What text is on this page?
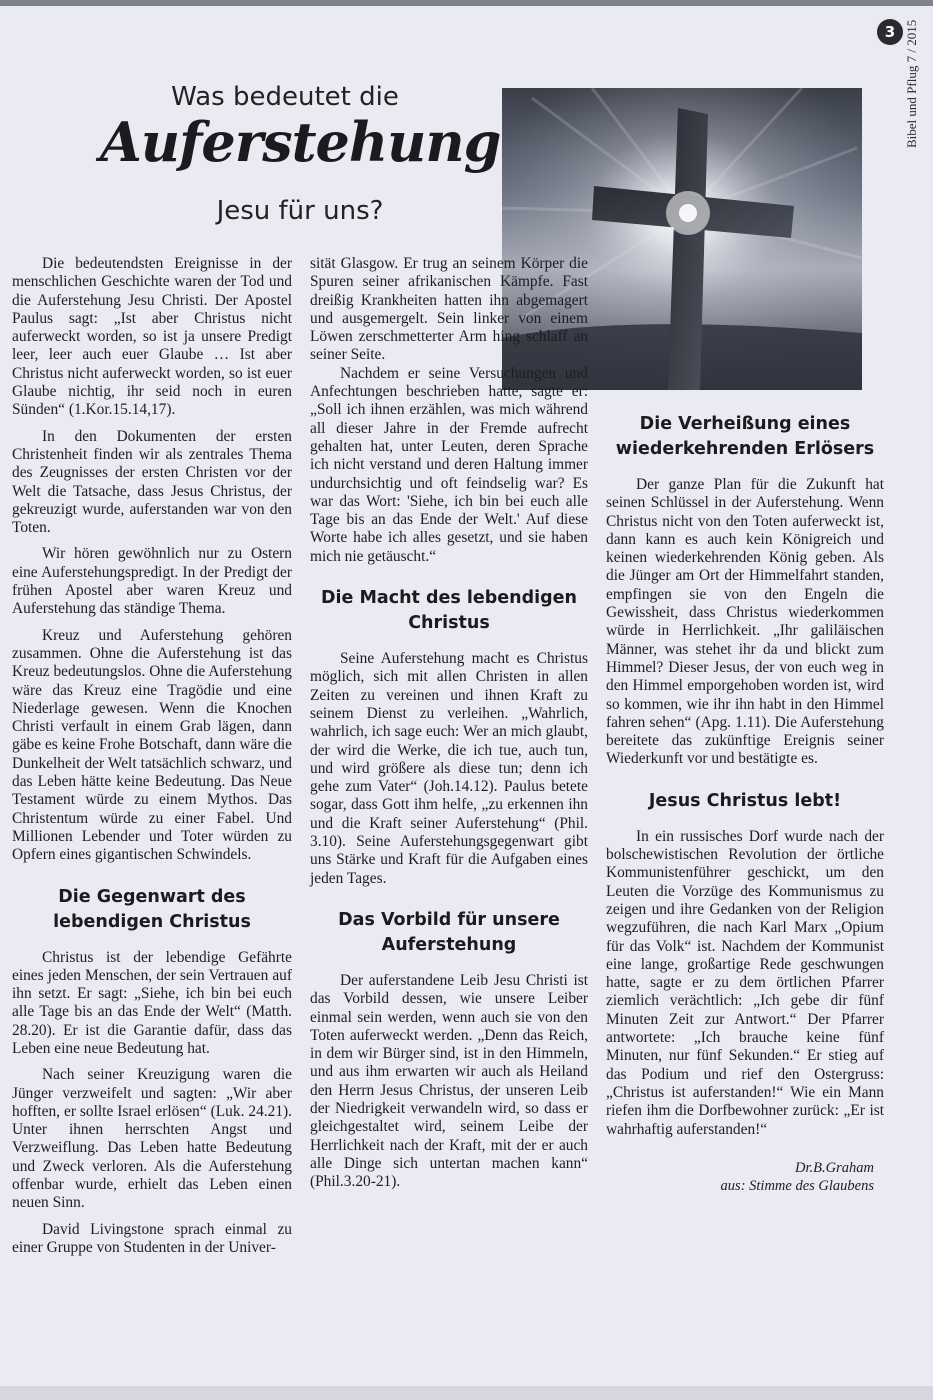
3 Bibel und Pflug 7 / 2015
Was bedeutet die
Auferstehung
Jesu für uns?

Die bedeutendsten Ereignisse in der menschlichen Geschichte waren der Tod und die Auferstehung Jesu Christi. Der Apostel Paulus sagt: „Ist aber Christus nicht auferweckt worden, so ist ja unsere Predigt leer, leer auch euer Glaube … Ist aber Christus nicht auferweckt worden, so ist euer Glaube nichtig, ihr seid noch in euren Sünden“ (1.Kor.15.14,17).

In den Dokumenten der ersten Christenheit finden wir als zentrales Thema des Zeugnisses der ersten Christen vor der Welt die Tatsache, dass Jesus Christus, der gekreuzigt wurde, auferstanden war von den Toten.

Wir hören gewöhnlich nur zu Ostern eine Auferstehungspredigt. In der Predigt der frühen Apostel aber waren Kreuz und Auferstehung das ständige Thema.

Kreuz und Auferstehung gehören zusammen. Ohne die Auferstehung ist das Kreuz bedeutungslos. Ohne die Auferstehung wäre das Kreuz eine Tragödie und eine Niederlage gewesen. Wenn die Knochen Christi verfault in einem Grab lägen, dann gäbe es keine Frohe Botschaft, dann wäre die Dunkelheit der Welt tatsächlich schwarz, und das Leben hätte keine Bedeutung. Das Neue Testament würde zu einem Mythos. Das Christentum würde zu einer Fabel. Und Millionen Lebender und Toter würden zu Opfern eines gigantischen Schwindels.

Die Gegenwart des lebendigen Christus

Christus ist der lebendige Gefährte eines jeden Menschen, der sein Vertrauen auf ihn setzt. Er sagt: „Siehe, ich bin bei euch alle Tage bis an das Ende der Welt“ (Matth. 28.20). Er ist die Garantie dafür, dass das Leben eine neue Bedeutung hat.

Nach seiner Kreuzigung waren die Jünger verzweifelt und sagten: „Wir aber hofften, er sollte Israel erlösen“ (Luk. 24.21). Unter ihnen herrschten Angst und Verzweiflung. Das Leben hatte Bedeutung und Zweck verloren. Als die Auferstehung offenbar wurde, erhielt das Leben einen neuen Sinn.

David Livingstone sprach einmal zu einer Gruppe von Studenten in der Univer-

sität Glasgow. Er trug an seinem Körper die Spuren seiner afrikanischen Kämpfe. Fast dreißig Krankheiten hatten ihn abgemagert und ausgemergelt. Sein linker von einem Löwen zerschmetterter Arm hing schlaff an seiner Seite.

Nachdem er seine Versuchungen und Anfechtungen beschrieben hatte, sagte er: „Soll ich ihnen erzählen, was mich während all dieser Jahre in der Fremde aufrecht gehalten hat, unter Leuten, deren Sprache ich nicht verstand und deren Haltung immer undurchsichtig und oft feindselig war? Es war das Wort: 'Siehe, ich bin bei euch alle Tage bis an das Ende der Welt.' Auf diese Worte habe ich alles gesetzt, und sie haben mich nie getäuscht.“

Die Macht des lebendigen Christus

Seine Auferstehung macht es Christus möglich, sich mit allen Christen in allen Zeiten zu vereinen und ihnen Kraft zu seinem Dienst zu verleihen. „Wahrlich, wahrlich, ich sage euch: Wer an mich glaubt, der wird die Werke, die ich tue, auch tun, und wird größere als diese tun; denn ich gehe zum Vater“ (Joh.14.12). Paulus betete sogar, dass Gott ihm helfe, „zu erkennen ihn und die Kraft seiner Auferstehung“ (Phil. 3.10). Seine Auferstehungsgegenwart gibt uns Stärke und Kraft für die Aufgaben eines jeden Tages.

Das Vorbild für unsere Auferstehung

Der auferstandene Leib Jesu Christi ist das Vorbild dessen, wie unsere Leiber einmal sein werden, wenn auch sie von den Toten auferweckt werden. „Denn das Reich, in dem wir Bürger sind, ist in den Himmeln, und aus ihm erwarten wir auch als Heiland den Herrn Jesus Christus, der unseren Leib der Niedrigkeit verwandeln wird, so dass er gleichgestaltet wird, seinem Leibe der Herrlichkeit nach der Kraft, mit der er auch alle Dinge sich untertan machen kann“ (Phil.3.20-21).

Die Verheißung eines wiederkehrenden Erlösers

Der ganze Plan für die Zukunft hat seinen Schlüssel in der Auferstehung. Wenn Christus nicht von den Toten auferweckt ist, dann kann es auch kein Königreich und keinen wiederkehrenden König geben. Als die Jünger am Ort der Himmelfahrt standen, empfingen sie von den Engeln die Gewissheit, dass Christus wiederkommen würde in Herrlichkeit. „Ihr galiläischen Männer, was stehet ihr da und blickt zum Himmel? Dieser Jesus, der von euch weg in den Himmel emporgehoben worden ist, wird so kommen, wie ihr ihn habt in den Himmel fahren sehen“ (Apg. 1.11). Die Auferstehung bereitete das zukünftige Ereignis seiner Wiederkunft vor und bestätigte es.

Jesus Christus lebt!

In ein russisches Dorf wurde nach der bolschewistischen Revolution der örtliche Kommunistenführer geschickt, um den Leuten die Vorzüge des Kommunismus zu zeigen und ihre Gedanken von der Religion wegzuführen, die nach Karl Marx „Opium für das Volk“ ist. Nachdem der Kommunist eine lange, großartige Rede geschwungen hatte, sagte er zu dem örtlichen Pfarrer ziemlich verächtlich: „Ich gebe dir fünf Minuten Zeit zur Antwort.“ Der Pfarrer antwortete: „Ich brauche keine fünf Minuten, nur fünf Sekunden.“ Er stieg auf das Podium und rief den Ostergruss: „Christus ist auferstanden!“ Wie ein Mann riefen ihm die Dorfbewohner zurück: „Er ist wahrhaftig auferstanden!“

Dr.B.Graham
aus: Stimme des Glaubens
